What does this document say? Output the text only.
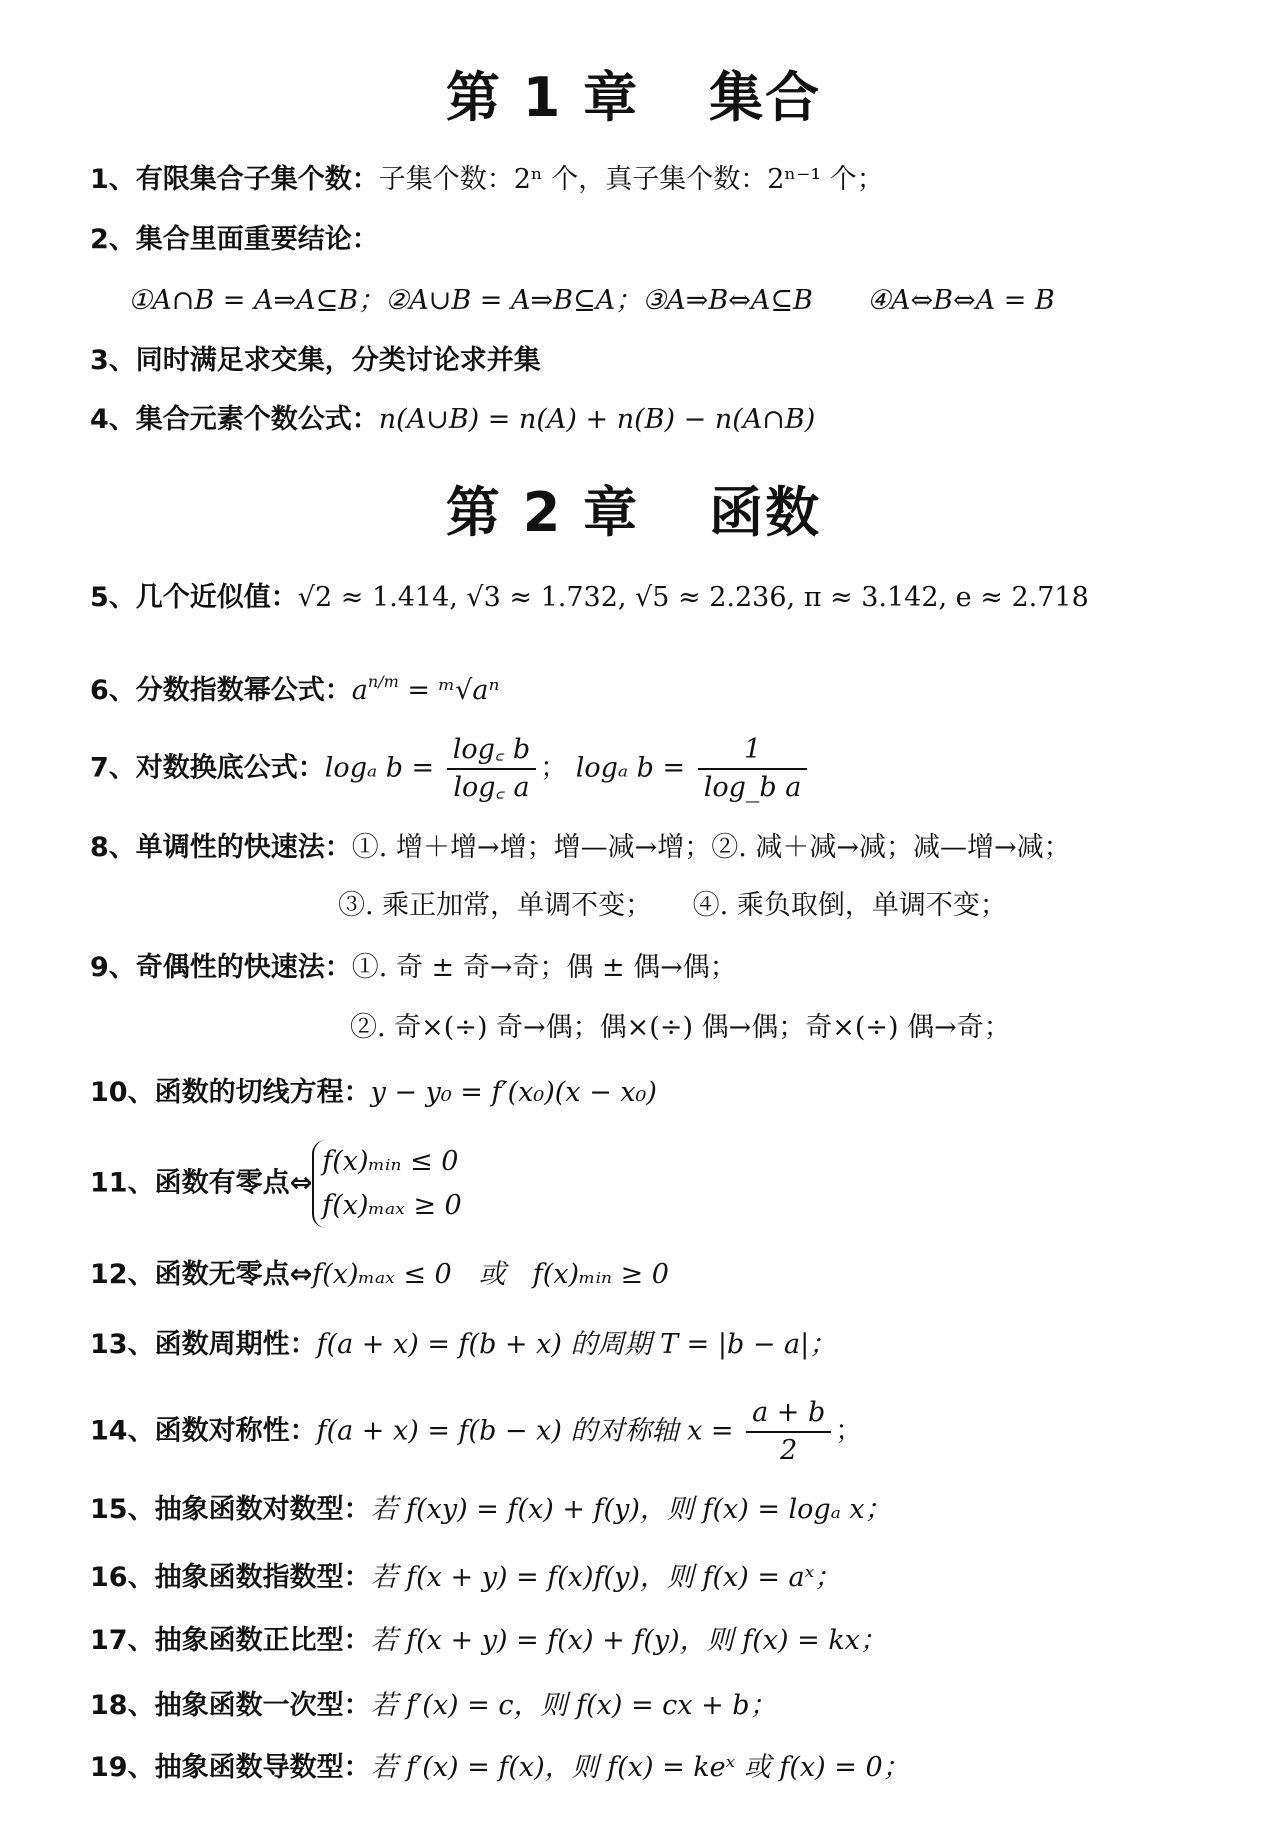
第 1 章 集合
1、有限集合子集个数：子集个数：2ⁿ 个，真子集个数：2ⁿ⁻¹ 个；
2、集合里面重要结论：
①A∩B = A⇒A⊆B；②A∪B = A⇒B⊆A；③A⇒B⇔A⊆B　　④A⇔B⇔A = B
3、同时满足求交集，分类讨论求并集
4、集合元素个数公式：n(A∪B) = n(A) + n(B) − n(A∩B)
第 2 章 函数
5、几个近似值：√2 ≈ 1.414, √3 ≈ 1.732, √5 ≈ 2.236, π ≈ 3.142, e ≈ 2.718
6、分数指数幂公式：$a^{n/m}$ = ᵐ√aⁿ
7、对数换底公式：logₐ $b = \frac{\log꜀ b}{\log꜀ a}$ ； logₐ $b = \frac{1}{\text{log\_b a}}$
8、单调性的快速法：①. 增＋增→增；增—减→增；②. 减＋减→减；减—增→减；
③. 乘正加常，单调不变；　　④. 乘负取倒，单调不变；
9、奇偶性的快速法：①. 奇 ± 奇→奇；偶 ± 偶→偶；
②. 奇×(÷) 奇→偶；偶×(÷) 偶→偶；奇×(÷) 偶→奇；
10、函数的切线方程：y − y₀ = f′(x₀)(x − x₀)
11、函数有零点⇔
f(x)ₘᵢₙ ≤ 0
f(x)ₘₐₓ ≥ 0
12、函数无零点⇔f(x)ₘₐₓ ≤ 0　或　f(x)ₘᵢₙ ≥ 0
13、函数周期性：f(a + x) = f(b + x) 的周期 T = |b − a|；
14、函数对称性：f(a + x) = f(b − x) 的对称轴 $x = \frac{a + b}{2}$ ；
15、抽象函数对数型：若 f(xy) = f(x) + f(y)，则 f(x) = logₐ x；
16、抽象函数指数型：若 f(x + y) = f(x)f(y)，则 f(x) = aˣ；
17、抽象函数正比型：若 f(x + y) = f(x) + f(y)，则 f(x) = kx；
18、抽象函数一次型：若 f′(x) = c，则 f(x) = cx + b；
19、抽象函数导数型：若 f′(x) = f(x)，则 f(x) = keˣ 或 f(x) = 0；
